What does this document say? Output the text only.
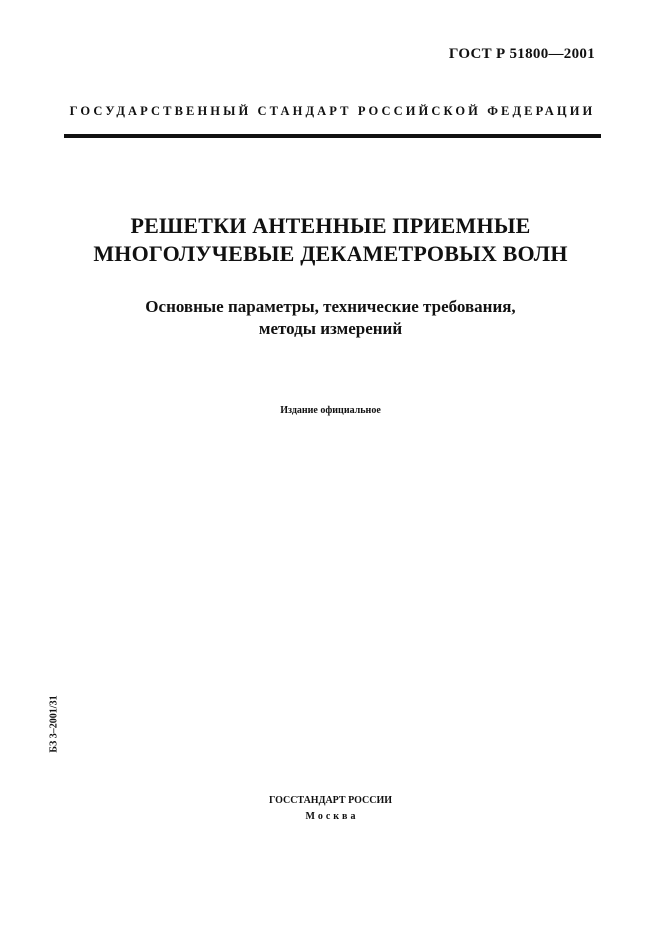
ГОСТ Р 51800—2001
ГОСУДАРСТВЕННЫЙ СТАНДАРТ РОССИЙСКОЙ ФЕДЕРАЦИИ
РЕШЕТКИ АНТЕННЫЕ ПРИЕМНЫЕ
МНОГОЛУЧЕВЫЕ ДЕКАМЕТРОВЫХ ВОЛН
Основные параметры, технические требования,
методы измерений
Издание официальное
БЗ 3–2001/31
ГОССТАНДАРТ РОССИИ
Москва
